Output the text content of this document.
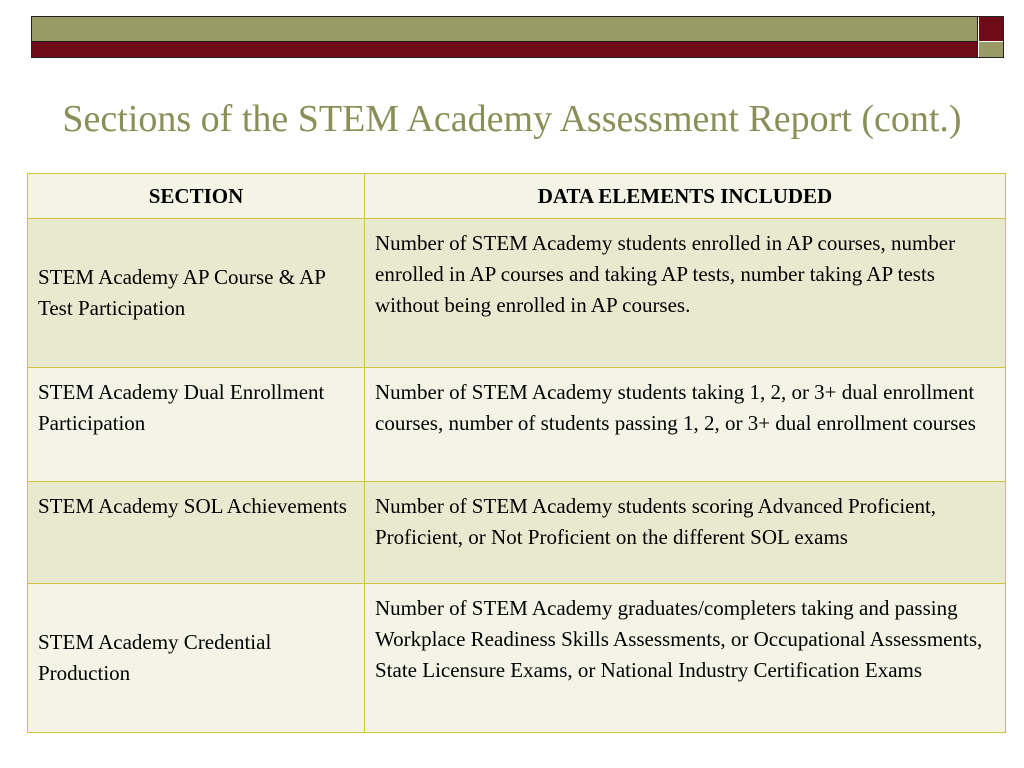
Sections of the STEM Academy Assessment Report (cont.)
SECTION	DATA ELEMENTS INCLUDED
STEM Academy AP Course & AP Test Participation	Number of STEM Academy students enrolled in AP courses, number enrolled in AP courses and taking AP tests, number taking AP tests without being enrolled in AP courses.
STEM Academy Dual Enrollment Participation	Number of STEM Academy students taking 1, 2, or 3+ dual enrollment courses, number of students passing 1, 2, or 3+ dual enrollment courses
STEM Academy SOL Achievements	Number of STEM Academy students scoring Advanced Proficient, Proficient, or Not Proficient on the different SOL exams
STEM Academy Credential Production	Number of STEM Academy graduates/completers taking and passing Workplace Readiness Skills Assessments, or Occupational Assessments, State Licensure Exams, or National Industry Certification Exams
